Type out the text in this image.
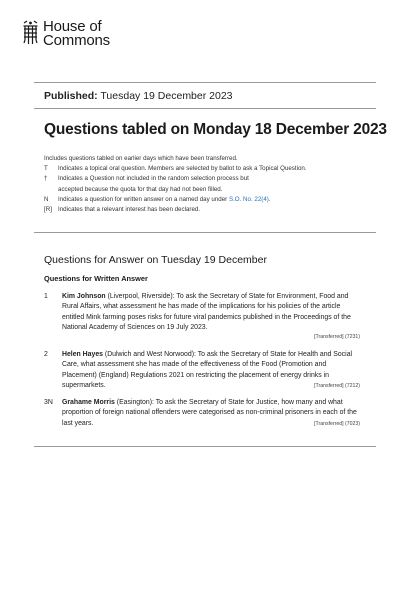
House of
Commons
Published: Tuesday 19 December 2023
Questions tabled on Monday 18 December 2023
Includes questions tabled on earlier days which have been transferred.
T	Indicates a topical oral question. Members are selected by ballot to ask a Topical Question.
†	Indicates a Question not included in the random selection process but
accepted because the quota for that day had not been filled.
N	Indicates a question for written answer on a named day under S.O. No. 22(4).
[R] Indicates that a relevant interest has been declared.
Questions for Answer on Tuesday 19 December
Questions for Written Answer
1	Kim Johnson (Liverpool, Riverside): To ask the Secretary of State for Environment, Food and Rural Affairs, what assessment he has made of the implications for his policies of the article entitled Mink farming poses risks for future viral pandemics published in the Proceedings of the National Academy of Sciences on 19 July 2023.
[Transferred] (7231)
2	Helen Hayes (Dulwich and West Norwood): To ask the Secretary of State for Health and Social Care, what assessment she has made of the effectiveness of the Food (Promotion and Placement) (England) Regulations 2021 on restricting the placement of energy drinks in supermarkets.	[Transferred] (7212)
3N	Grahame Morris (Easington): To ask the Secretary of State for Justice, how many and what proportion of foreign national offenders were categorised as non-criminal prisoners in each of the last years.	[Transferred] (7023)
